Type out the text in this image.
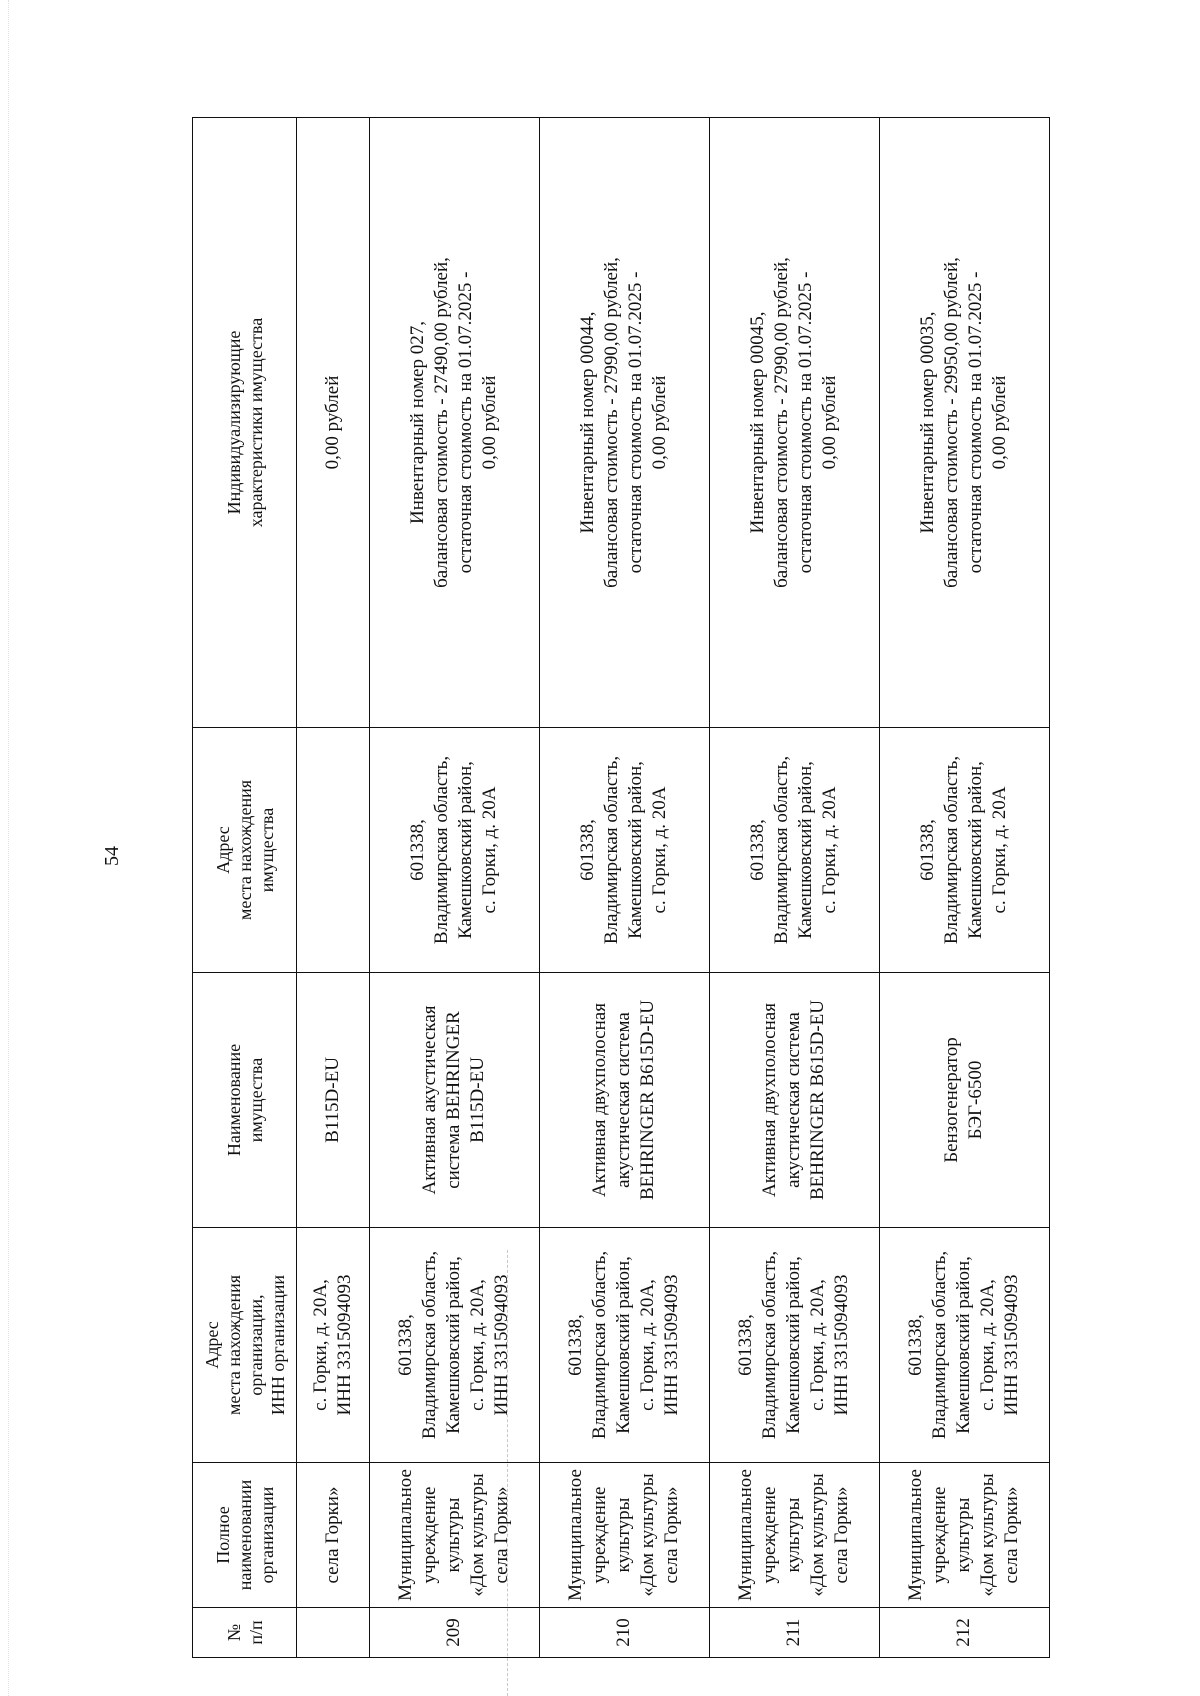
54
№
п/п	Полное
наименовании
организации	Адрес
места нахождения
организации,
ИНН организации	Наименование
имущества	Адрес
места нахождения
имущества	Индивидуализирующие
характеристики имущества

	села Горки»	с. Горки, д. 20А,
ИНН 3315094093	В115D-EU		0,00 рублей

209	Муниципальное
учреждение
культуры
«Дом культуры
села Горки»	601338,
Владимирская область,
Камешковский район,
с. Горки, д. 20А,
ИНН 3315094093	Активная акустическая
система BEHRINGER
В115D-EU	601338,
Владимирская область,
Камешковский район,
с. Горки, д. 20А	Инвентарный номер 027,
балансовая стоимость - 27490,00 рублей,
остаточная стоимость на 01.07.2025 -
0,00 рублей

210	Муниципальное
учреждение
культуры
«Дом культуры
села Горки»	601338,
Владимирская область,
Камешковский район,
с. Горки, д. 20А,
ИНН 3315094093	Активная двухполосная
акустическая система
BEHRINGER B615D-EU	601338,
Владимирская область,
Камешковский район,
с. Горки, д. 20А	Инвентарный номер 00044,
балансовая стоимость - 27990,00 рублей,
остаточная стоимость на 01.07.2025 -
0,00 рублей

211	Муниципальное
учреждение
культуры
«Дом культуры
села Горки»	601338,
Владимирская область,
Камешковский район,
с. Горки, д. 20А,
ИНН 3315094093	Активная двухполосная
акустическая система
BEHRINGER B615D-EU	601338,
Владимирская область,
Камешковский район,
с. Горки, д. 20А	Инвентарный номер 00045,
балансовая стоимость - 27990,00 рублей,
остаточная стоимость на 01.07.2025 -
0,00 рублей

212	Муниципальное
учреждение
культуры
«Дом культуры
села Горки»	601338,
Владимирская область,
Камешковский район,
с. Горки, д. 20А,
ИНН 3315094093	Бензогенератор
БЭГ-6500	601338,
Владимирская область,
Камешковский район,
с. Горки, д. 20А	Инвентарный номер 00035,
балансовая стоимость - 29950,00 рублей,
остаточная стоимость на 01.07.2025 -
0,00 рублей
